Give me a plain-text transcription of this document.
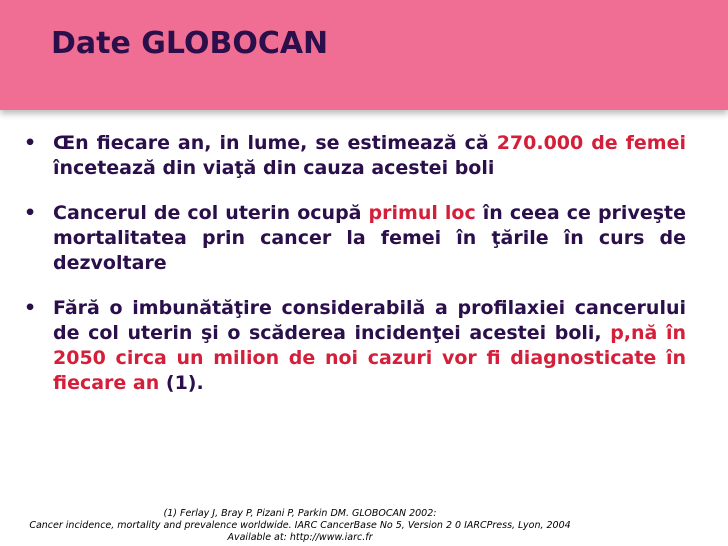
Date GLOBOCAN
• Œn fiecare an, in lume, se estimează că 270.000 de femei încetează din viaţă din cauza acestei boli
• Cancerul de col uterin ocupă primul loc în ceea ce priveşte mortalitatea prin cancer la femei în ţările în curs de dezvoltare
• Fără o imbunătăţire considerabilă a profilaxiei cancerului de col uterin şi o scăderea incidenţei acestei boli, p,nă în 2050 circa un milion de noi cazuri vor fi diagnosticate în fiecare an (1).
(1) Ferlay J, Bray P, Pizani P, Parkin DM. GLOBOCAN 2002:
Cancer incidence, mortality and prevalence worldwide. IARC CancerBase No 5, Version 2 0 IARCPress, Lyon, 2004
Available at: http://www.iarc.fr
